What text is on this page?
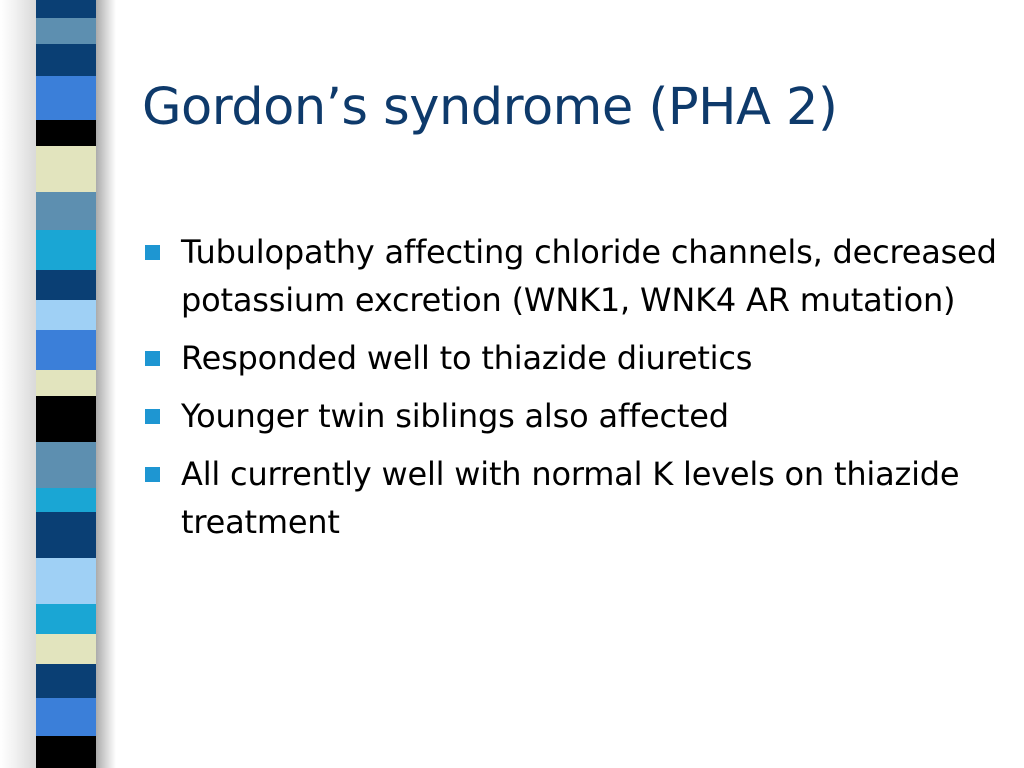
Gordon’s syndrome (PHA 2)
Tubulopathy affecting chloride channels, decreased potassium excretion (WNK1, WNK4 AR mutation)
Responded well to thiazide diuretics
Younger twin siblings also affected
All currently well with normal K levels on thiazide treatment
